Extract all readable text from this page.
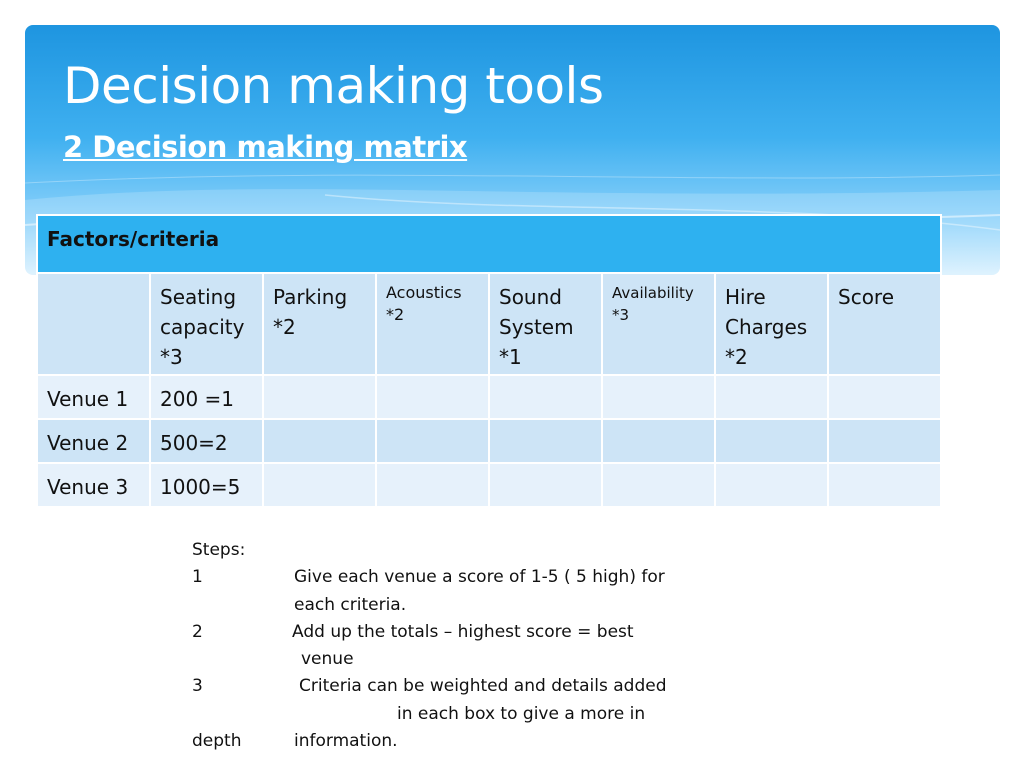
Decision making tools
2 Decision making matrix
Factors/criteria							
	Seating capacity *3	Parking *2	Acoustics *2	Sound System *1	Availability *3	Hire Charges *2	Score
Venue 1	200 =1						
Venue 2	500=2						
Venue 3	1000=5						
Steps:
1	Give each venue a score of 1-5 ( 5 high) for
each criteria.
2	Add up the totals – highest score = best
venue
3	Criteria can be weighted and details added
in each box to give a more in
depth	information.
